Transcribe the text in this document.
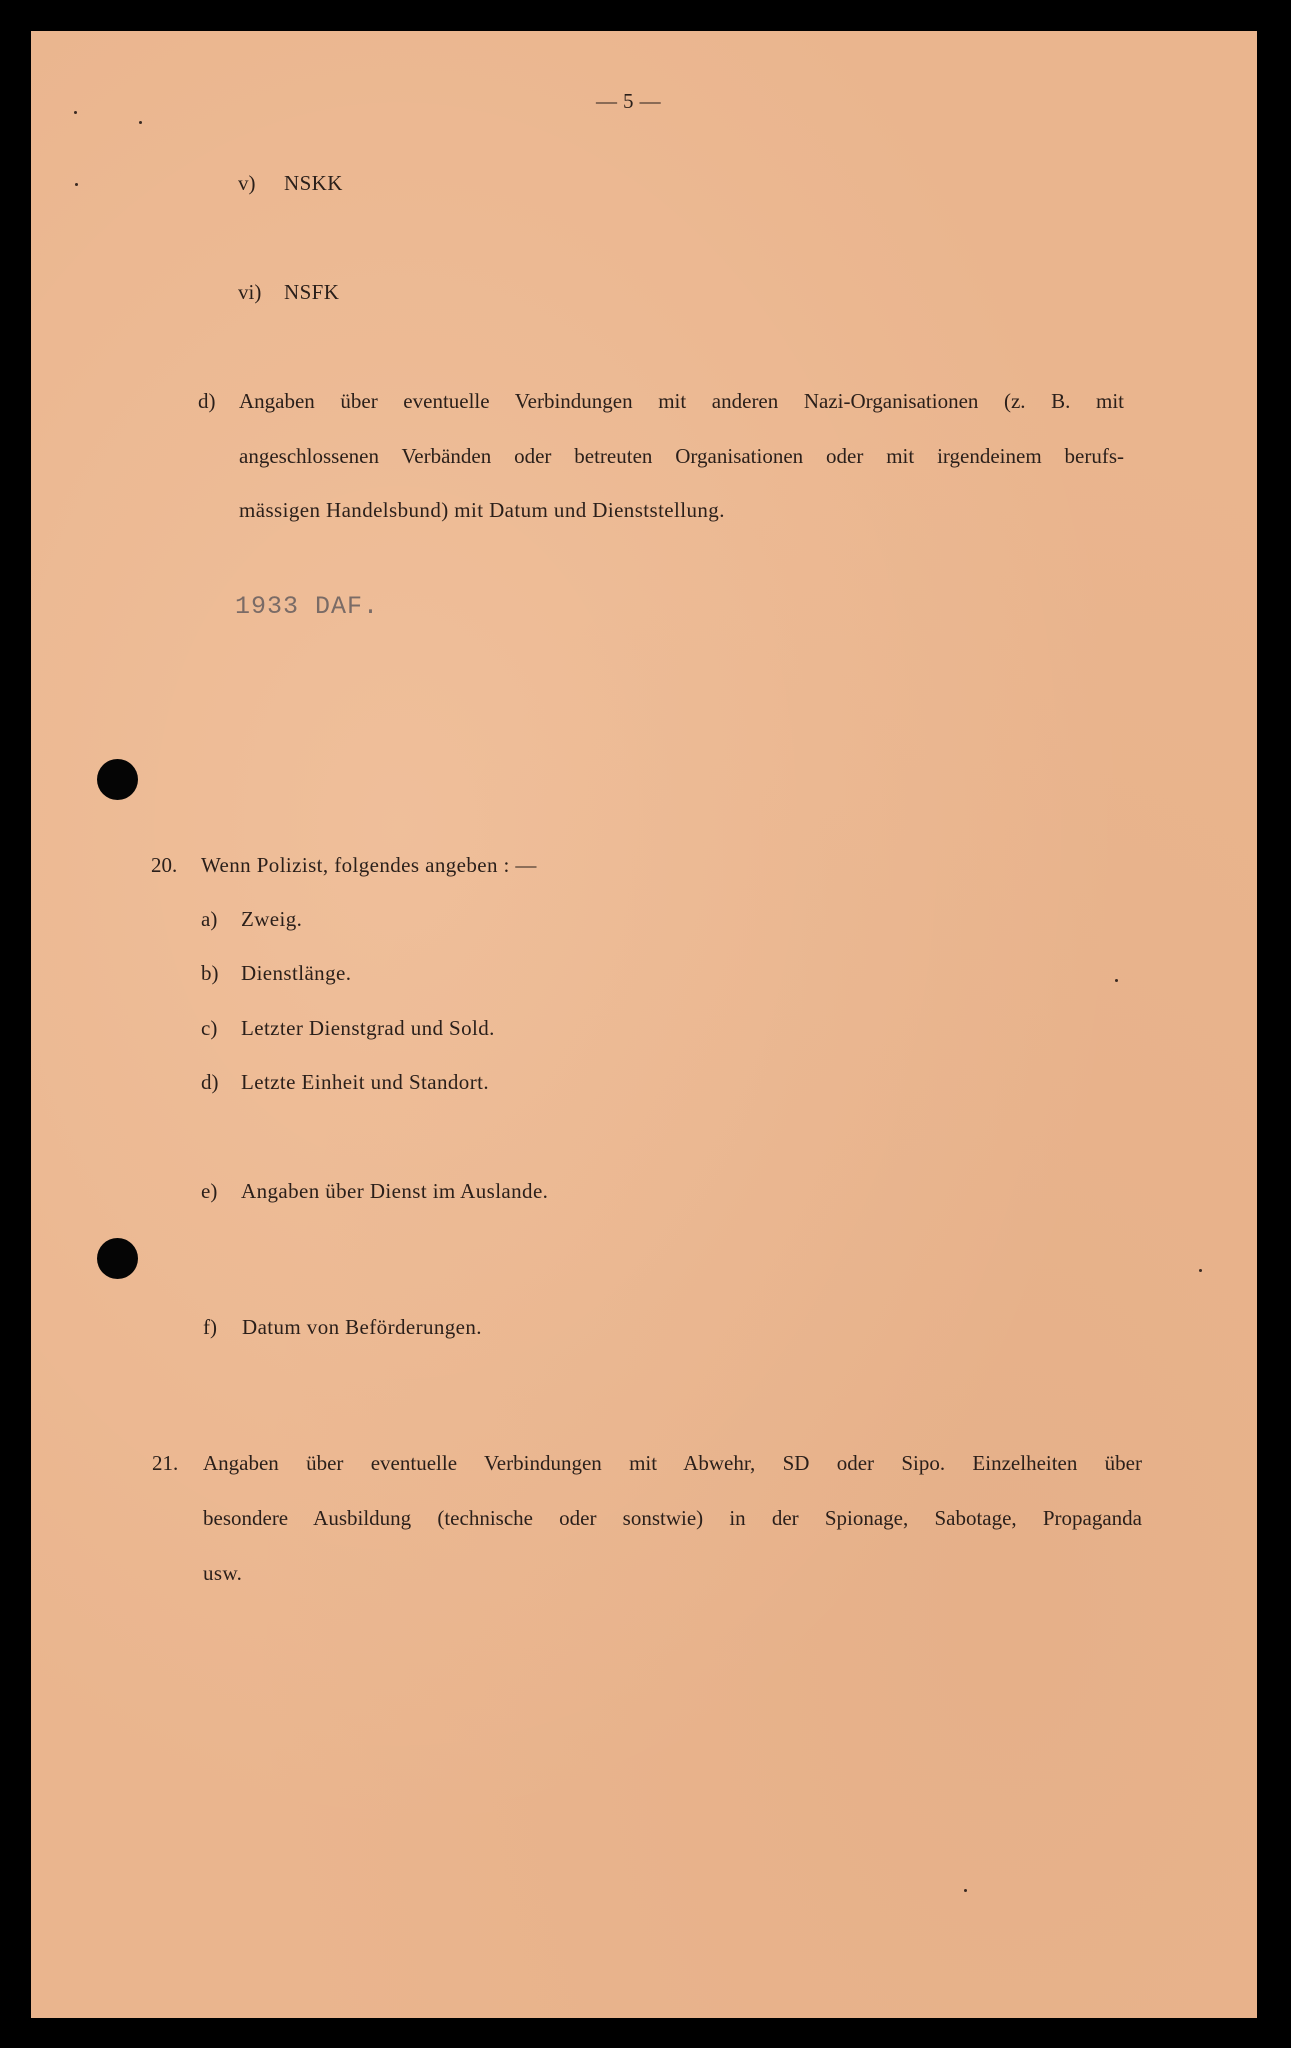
— 5 —
v) NSKK
vi) NSFK
d) Angaben über eventuelle Verbindungen mit anderen Nazi-Organisationen (z. B. mit
angeschlossenen Verbänden oder betreuten Organisationen oder mit irgendeinem berufs-
mässigen Handelsbund) mit Datum und Dienststellung.
1933 DAF.
20. Wenn Polizist, folgendes angeben : —
a) Zweig.
b) Dienstlänge.
c) Letzter Dienstgrad und Sold.
d) Letzte Einheit und Standort.
e) Angaben über Dienst im Auslande.
f) Datum von Beförderungen.
21. Angaben über eventuelle Verbindungen mit Abwehr, SD oder Sipo. Einzelheiten über
besondere Ausbildung (technische oder sonstwie) in der Spionage, Sabotage, Propaganda
usw.
